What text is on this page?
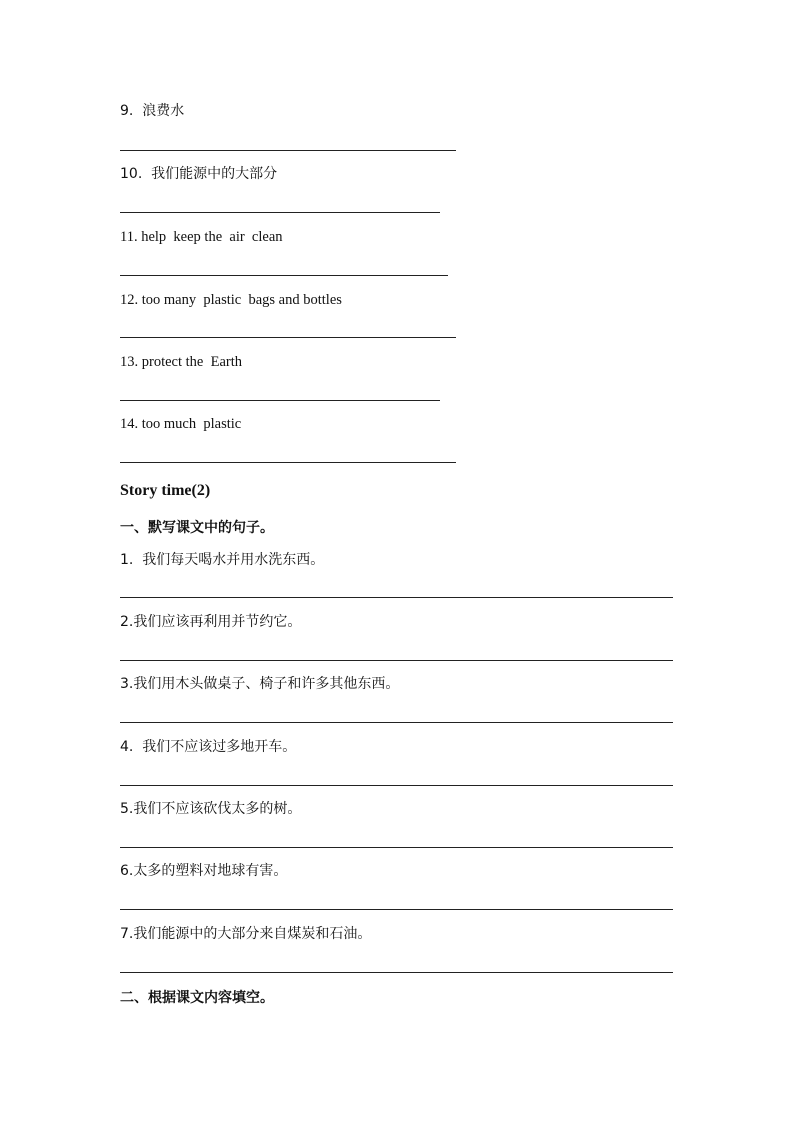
9.  浪费水
10.  我们能源中的大部分
11. help  keep the  air  clean
12. too many  plastic  bags and bottles
13. protect the  Earth
14. too much  plastic
Story time(2)
一、默写课文中的句子。
1.  我们每天喝水并用水洗东西。
2.我们应该再利用并节约它。
3.我们用木头做桌子、椅子和许多其他东西。
4.  我们不应该过多地开车。
5.我们不应该砍伐太多的树。
6.太多的塑料对地球有害。
7.我们能源中的大部分来自煤炭和石油。
二、根据课文内容填空。
